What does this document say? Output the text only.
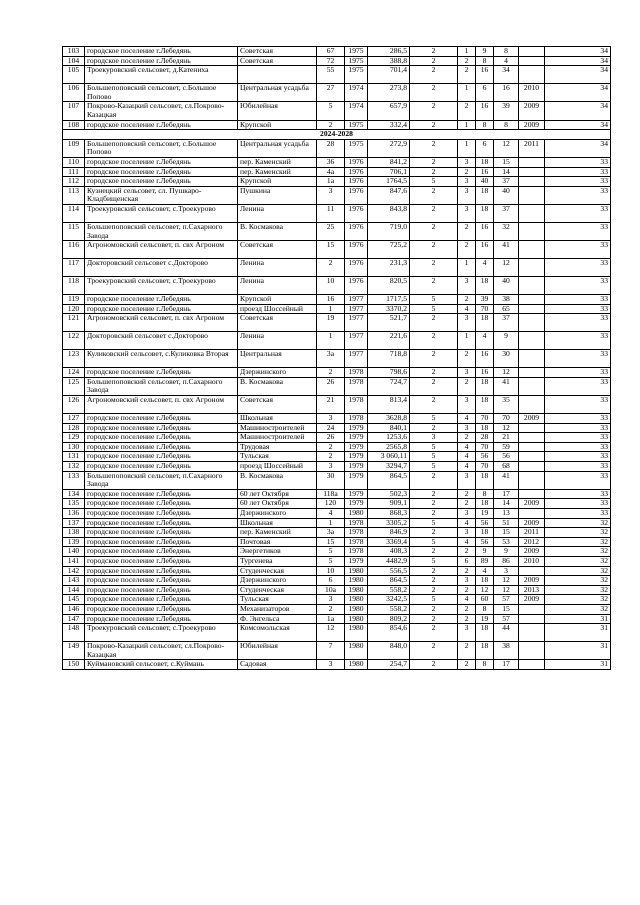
103	городское поселение г.Лебедянь	Советская	67	1975	286,5	2	1	9	8		34
104	городское поселение г.Лебедянь	Советская	72	1975	388,8	2	2	8	4		34
105	Троекуровский сельсовет, д.Катениха		55	1975	701,4	2	2	16	34		34
106	Большепоповский сельсовет, с.Большое Попово	Центральная усадьба	27	1974	273,8	2	1	6	16	2010	34
107	Покрово-Казацкий сельсовет, сл.Покрово-Казацкая	Юбилейная	5	1974	657,9	2	2	16	39	2009	34
108	городское поселение г.Лебедянь	Крупской	2	1975	332,4	2	1	8	8	2009	34
2024-2028											
109	Большепоповский сельсовет, с.Большое Попово	Центральная усадьба	28	1975	272,9	2	1	6	12	2011	34
110	городское поселение г.Лебедянь	пер. Каменский	36	1976	841,2	2	3	18	15		33
111	городское поселение г.Лебедянь	пер. Каменский	4а	1976	706,1	2	2	16	14		33
112	городское поселение г.Лебедянь	Крупской	1а	1976	1764,5	5	3	40	37		33
113	Кузнецкий сельсовет, сл. Пушкаро-Кладбищенская	Пушкина	3	1976	847,6	2	3	18	40		33
114	Троекуровский сельсовет, с.Троекурово	Ленина	11	1976	843,8	2	3	18	37		33
115	Большепоповский сельсовет, п.Сахарного Завода	В. Космакова	25	1976	719,0	2	2	16	32		33
116	Агрономовский сельсовет, п. свх Агроном	Советская	15	1976	725,2	2	2	16	41		33
117	Докторовский сельсовет с.Докторово	Ленина	2	1976	231,3	2	1	4	12		33
118	Троекуровский сельсовет, с.Троекурово	Ленина	10	1976	820,5	2	3	18	40		33
119	городское поселение г.Лебедянь	Крупской	16	1977	1717,5	5	2	39	38		33
120	городское поселение г.Лебедянь	проезд Шоссейный	1	1977	3370,2	5	4	70	65		33
121	Агрономовский сельсовет, п. свх Агроном	Советская	19	1977	521,7	2	3	18	37		33
122	Докторовский сельсовет с.Докторово	Ленина	1	1977	221,6	2	1	4	9		33
123	Куликовский сельсовет, с.Куликовка Вторая	Центральная	3а	1977	718,8	2	2	16	30		33
124	городское поселение г.Лебедянь	Дзержинского	2	1978	798,6	2	3	16	12		33
125	Большепоповский сельсовет, п.Сахарного Завода	В. Космакова	26	1978	724,7	2	2	18	41		33
126	Агрономовский сельсовет, п. свх Агроном	Советская	21	1978	813,4	2	3	18	35		33
127	городское поселение г.Лебедянь	Школьная	3	1978	3628,8	5	4	70	70	2009	33
128	городское поселение г.Лебедянь	Машиностроителей	24	1979	840,1	2	3	18	12		33
129	городское поселение г.Лебедянь	Машиностроителей	26	1979	1253,6	3	2	28	21		33
130	городское поселение г.Лебедянь	Трудовая	2	1979	2565,8	5	4	70	59		33
131	городское поселение г.Лебедянь	Тульская	2	1979	3 060,11	5	4	56	56		33
132	городское поселение г.Лебедянь	проезд Шоссейный	3	1979	3294,7	5	4	70	68		33
133	Большепоповский сельсовет, п.Сахарного Завода	В. Космакова	30	1979	864,5	2	3	18	41		33
134	городское поселение г.Лебедянь	60 лет Октября	118а	1979	502,3	2	2	8	17		33
135	городское поселение г.Лебедянь	60 лет Октября	120	1979	909,1	2	2	18	14	2009	33
136	городское поселение г.Лебедянь	Дзержинского	4	1980	868,3	2	3	19	13		33
137	городское поселение г.Лебедянь	Школьная	1	1978	3305,2	5	4	56	51	2009	32
138	городское поселение г.Лебедянь	пер. Каменский	3а	1978	846,9	2	3	18	15	2011	32
139	городское поселение г.Лебедянь	Почтовая	15	1978	3369,4	5	4	56	53	2012	32
140	городское поселение г.Лебедянь	Энергетиков	5	1978	408,3	2	2	9	9	2009	32
141	городское поселение г.Лебедянь	Тургенева	5	1979	4482,9	5	6	89	86	2010	32
142	городское поселение г.Лебедянь	Студенческая	10	1980	556,5	2	2	4	3		32
143	городское поселение г.Лебедянь	Дзержинского	6	1980	864,5	2	3	18	12	2009	32
144	городское поселение г.Лебедянь	Студенческая	10а	1980	558,2	2	2	12	12	2013	32
145	городское поселение г.Лебедянь	Тульская	3	1980	3242,5	5	4	60	57	2009	32
146	городское поселение г.Лебедянь	Механизаторов	2	1980	558,2	2	2	8	15		32
147	городское поселение г.Лебедянь	Ф. Энгельса	1а	1980	809,2	2	2	19	57		31
148	Троекуровский сельсовет, с.Троекурово	Комсомольская	12	1980	854,6	2	3	18	44		31
149	Покрово-Казацкий сельсовет, сл.Покрово-Казацкая	Юбилейная	7	1980	848,0	2	2	18	38		31
150	Куймановский сельсовет, с.Куймань	Садовая	3	1980	254,7	2	2	8	17		31
